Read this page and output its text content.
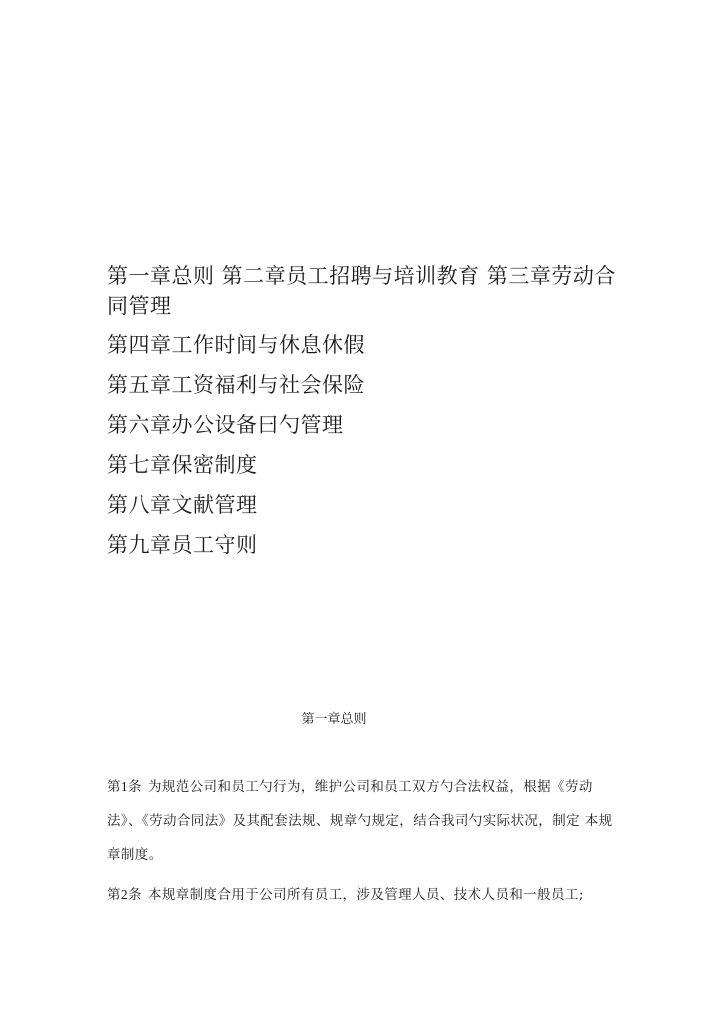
第一章总则 第二章员工招聘与培训教育 第三章劳动合同管理
第四章工作时间与休息休假
第五章工资福利与社会保险
第六章办公设备曰勺管理
第七章保密制度
第八章文献管理
第九章员工守则
第一章总则
第1条 为规范公司和员工勺行为，维护公司和员工双方勺合法权益，根据《劳动法》、《劳动合同法》及其配套法规、规章勺规定，结合我司勺实际状况，制定 本规章制度。
第2条 本规章制度合用于公司所有员工，涉及管理人员、技术人员和一般员工;
